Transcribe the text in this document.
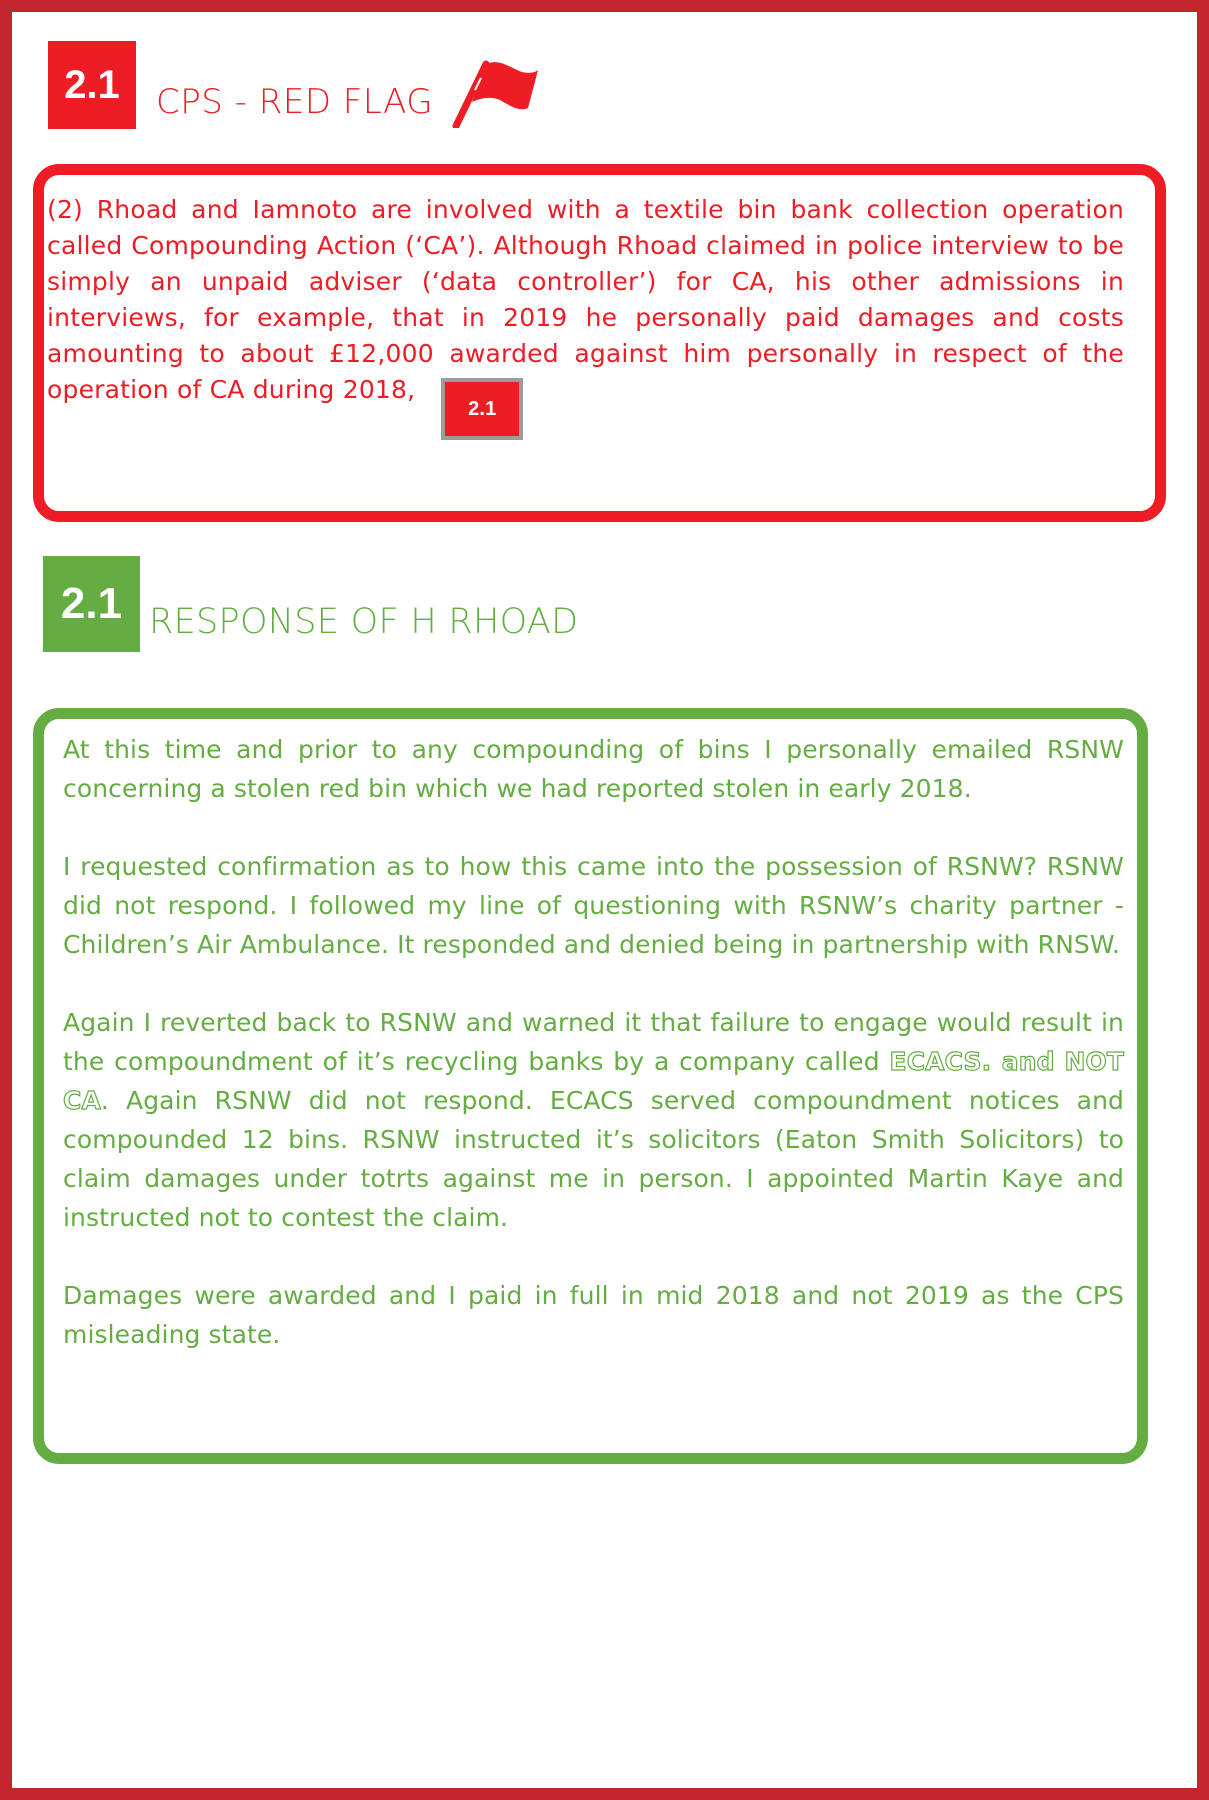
2.1	CPS - RED FLAG
(2) Rhoad and Iamnoto are involved with a textile bin bank collection operation called Compounding Action (‘CA’). Although Rhoad claimed in police interview to be simply an unpaid adviser (‘data controller’) for CA, his other admissions in interviews, for example, that in 2019 he personally paid damages and costs amounting to about £12,000 awarded against him personally in respect of the operation of CA during 2018,2.1
2.1 RESPONSE OF H RHOAD

At this time and prior to any compounding of bins I personally emailed RSNW concerning a stolen red bin which we had reported stolen in early 2018.

I requested confirmation as to how this came into the possession of RSNW? RSNW did not respond. I followed my line of questioning with RSNW’s charity partner - Children’s Air Ambulance. It responded and denied being in partnership with RNSW.

Again I reverted back to RSNW and warned it that failure to engage would result in the compoundment of it’s recycling banks by a company called ECACS. and NOT CA. Again RSNW did not respond. ECACS served compoundment notices and compounded 12 bins. RSNW instructed it’s solicitors (Eaton Smith Solicitors) to claim damages under totrts against me in person. I appointed Martin Kaye and instructed not to contest the claim.

Damages were awarded and I paid in full in mid 2018 and not 2019 as the CPS misleading state.
